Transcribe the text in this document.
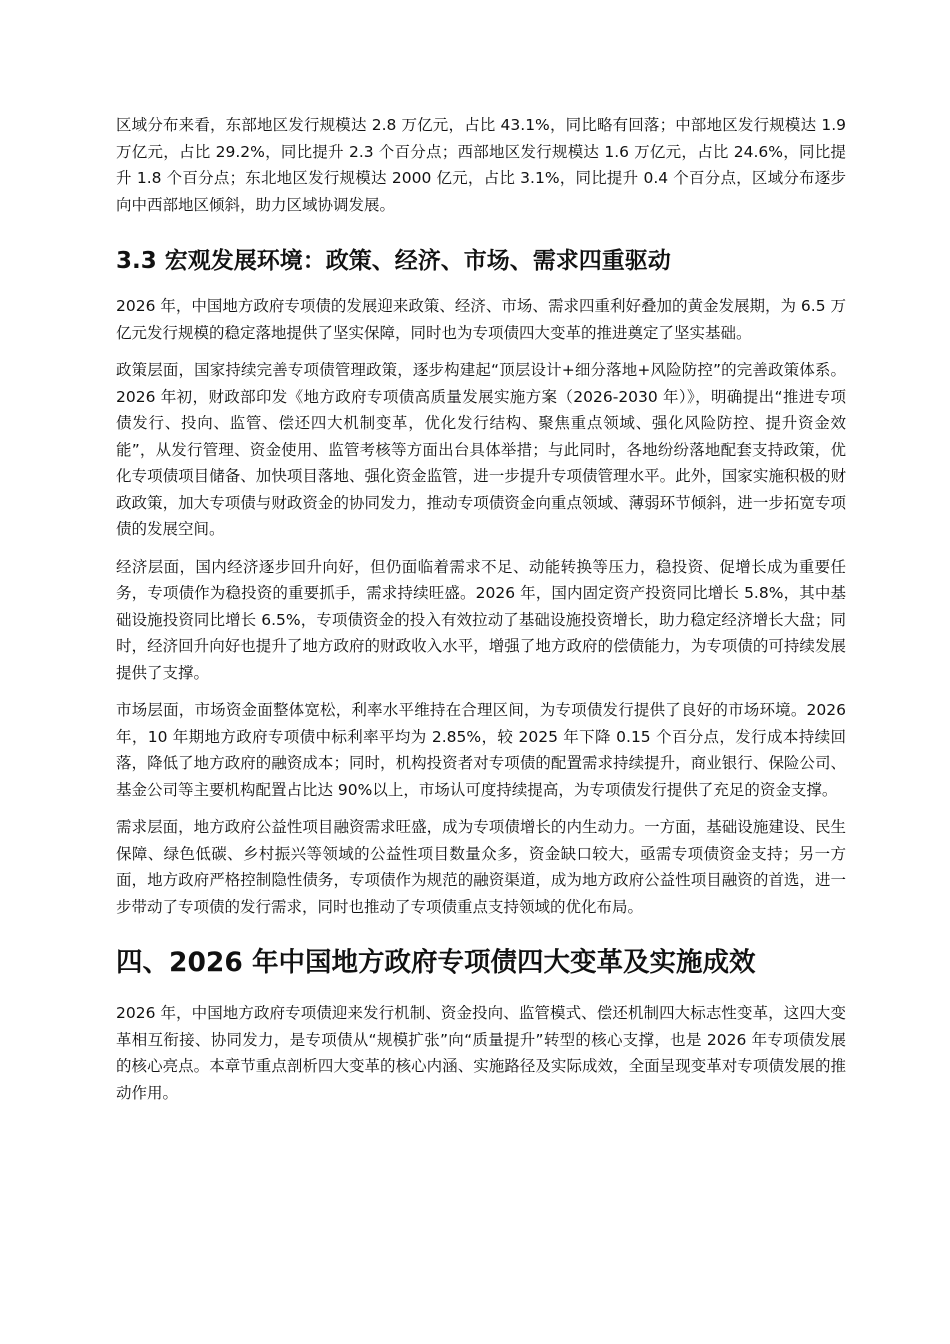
区域分布来看，东部地区发行规模达 2.8 万亿元，占比 43.1%，同比略有回落；中部地区发行规模达 1.9 万亿元，占比 29.2%，同比提升 2.3 个百分点；西部地区发行规模达 1.6 万亿元，占比 24.6%，同比提升 1.8 个百分点；东北地区发行规模达 2000 亿元，占比 3.1%，同比提升 0.4 个百分点，区域分布逐步向中西部地区倾斜，助力区域协调发展。

3.3 宏观发展环境：政策、经济、市场、需求四重驱动

2026 年，中国地方政府专项债的发展迎来政策、经济、市场、需求四重利好叠加的黄金发展期，为 6.5 万亿元发行规模的稳定落地提供了坚实保障，同时也为专项债四大变革的推进奠定了坚实基础。

政策层面，国家持续完善专项债管理政策，逐步构建起“顶层设计+细分落地+风险防控”的完善政策体系。2026 年初，财政部印发《地方政府专项债高质量发展实施方案（2026-2030 年）》，明确提出“推进专项债发行、投向、监管、偿还四大机制变革，优化发行结构、聚焦重点领域、强化风险防控、提升资金效能”，从发行管理、资金使用、监管考核等方面出台具体举措；与此同时，各地纷纷落地配套支持政策，优化专项债项目储备、加快项目落地、强化资金监管，进一步提升专项债管理水平。此外，国家实施积极的财政政策，加大专项债与财政资金的协同发力，推动专项债资金向重点领域、薄弱环节倾斜，进一步拓宽专项债的发展空间。

经济层面，国内经济逐步回升向好，但仍面临着需求不足、动能转换等压力，稳投资、促增长成为重要任务，专项债作为稳投资的重要抓手，需求持续旺盛。2026 年，国内固定资产投资同比增长 5.8%，其中基础设施投资同比增长 6.5%，专项债资金的投入有效拉动了基础设施投资增长，助力稳定经济增长大盘；同时，经济回升向好也提升了地方政府的财政收入水平，增强了地方政府的偿债能力，为专项债的可持续发展提供了支撑。

市场层面，市场资金面整体宽松，利率水平维持在合理区间，为专项债发行提供了良好的市场环境。2026 年，10 年期地方政府专项债中标利率平均为 2.85%，较 2025 年下降 0.15 个百分点，发行成本持续回落，降低了地方政府的融资成本；同时，机构投资者对专项债的配置需求持续提升，商业银行、保险公司、基金公司等主要机构配置占比达 90%以上，市场认可度持续提高，为专项债发行提供了充足的资金支撑。

需求层面，地方政府公益性项目融资需求旺盛，成为专项债增长的内生动力。一方面，基础设施建设、民生保障、绿色低碳、乡村振兴等领域的公益性项目数量众多，资金缺口较大，亟需专项债资金支持；另一方面，地方政府严格控制隐性债务，专项债作为规范的融资渠道，成为地方政府公益性项目融资的首选，进一步带动了专项债的发行需求，同时也推动了专项债重点支持领域的优化布局。

四、2026 年中国地方政府专项债四大变革及实施成效

2026 年，中国地方政府专项债迎来发行机制、资金投向、监管模式、偿还机制四大标志性变革，这四大变革相互衔接、协同发力，是专项债从“规模扩张”向“质量提升”转型的核心支撑，也是 2026 年专项债发展的核心亮点。本章节重点剖析四大变革的核心内涵、实施路径及实际成效，全面呈现变革对专项债发展的推动作用。
